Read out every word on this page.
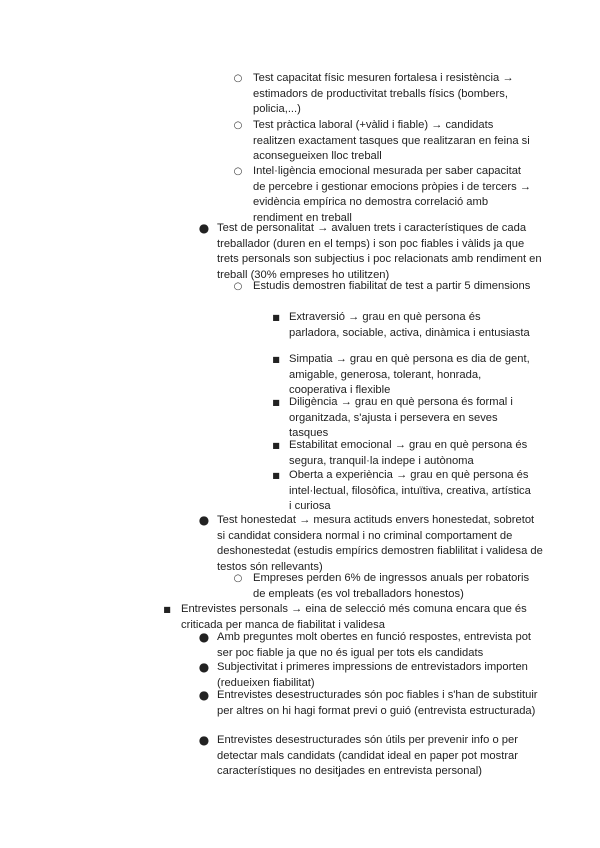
○ Test capacitat físic mesuren fortalesa i resistència → estimadors de productivitat treballs físics (bombers, policia,...)
○ Test pràctica laboral (+vàlid i fiable) → candidats realitzen exactament tasques que realitzaran en feina si aconsegueixen lloc treball
○ Intel·ligència emocional mesurada per saber capacitat de percebre i gestionar emocions pròpies i de tercers → evidència empírica no demostra correlació amb rendiment en treball
● Test de personalitat → avaluen trets i característiques de cada treballador (duren en el temps) i son poc fiables i vàlids ja que trets personals son subjectius i poc relacionats amb rendiment en treball (30% empreses ho utilitzen)
○ Estudis demostren fiabilitat de test a partir 5 dimensions
■ Extraversió → grau en què persona és parladora, sociable, activa, dinàmica i entusiasta
■ Simpatia → grau en què persona es dia de gent, amigable, generosa, tolerant, honrada, cooperativa i flexible
■ Diligència → grau en què persona és formal i organitzada, s'ajusta i persevera en seves tasques
■ Estabilitat emocional → grau en què persona és segura, tranquil·la indepe i autònoma
■ Oberta a experiència → grau en què persona és intel·lectual, filosòfica, intuïtiva, creativa, artística i curiosa
● Test honestedat → mesura actituds envers honestedat, sobretot si candidat considera normal i no criminal comportament de deshonestedat (estudis empírics demostren fiablilitat i validesa de testos són rellevants)
○ Empreses perden 6% de ingressos anuals per robatoris de empleats (es vol treballadors honestos)
■ Entrevistes personals → eina de selecció més comuna encara que és criticada per manca de fiabilitat i validesa
● Amb preguntes molt obertes en funció respostes, entrevista pot ser poc fiable ja que no és igual per tots els candidats
● Subjectivitat i primeres impressions de entrevistadors importen (redueixen fiabilitat)
● Entrevistes desestructurades són poc fiables i s'han de substituir per altres on hi hagi format previ o guió (entrevista estructurada)
● Entrevistes desestructurades són útils per prevenir info o per detectar mals candidats (candidat ideal en paper pot mostrar característiques no desitjades en entrevista personal)
